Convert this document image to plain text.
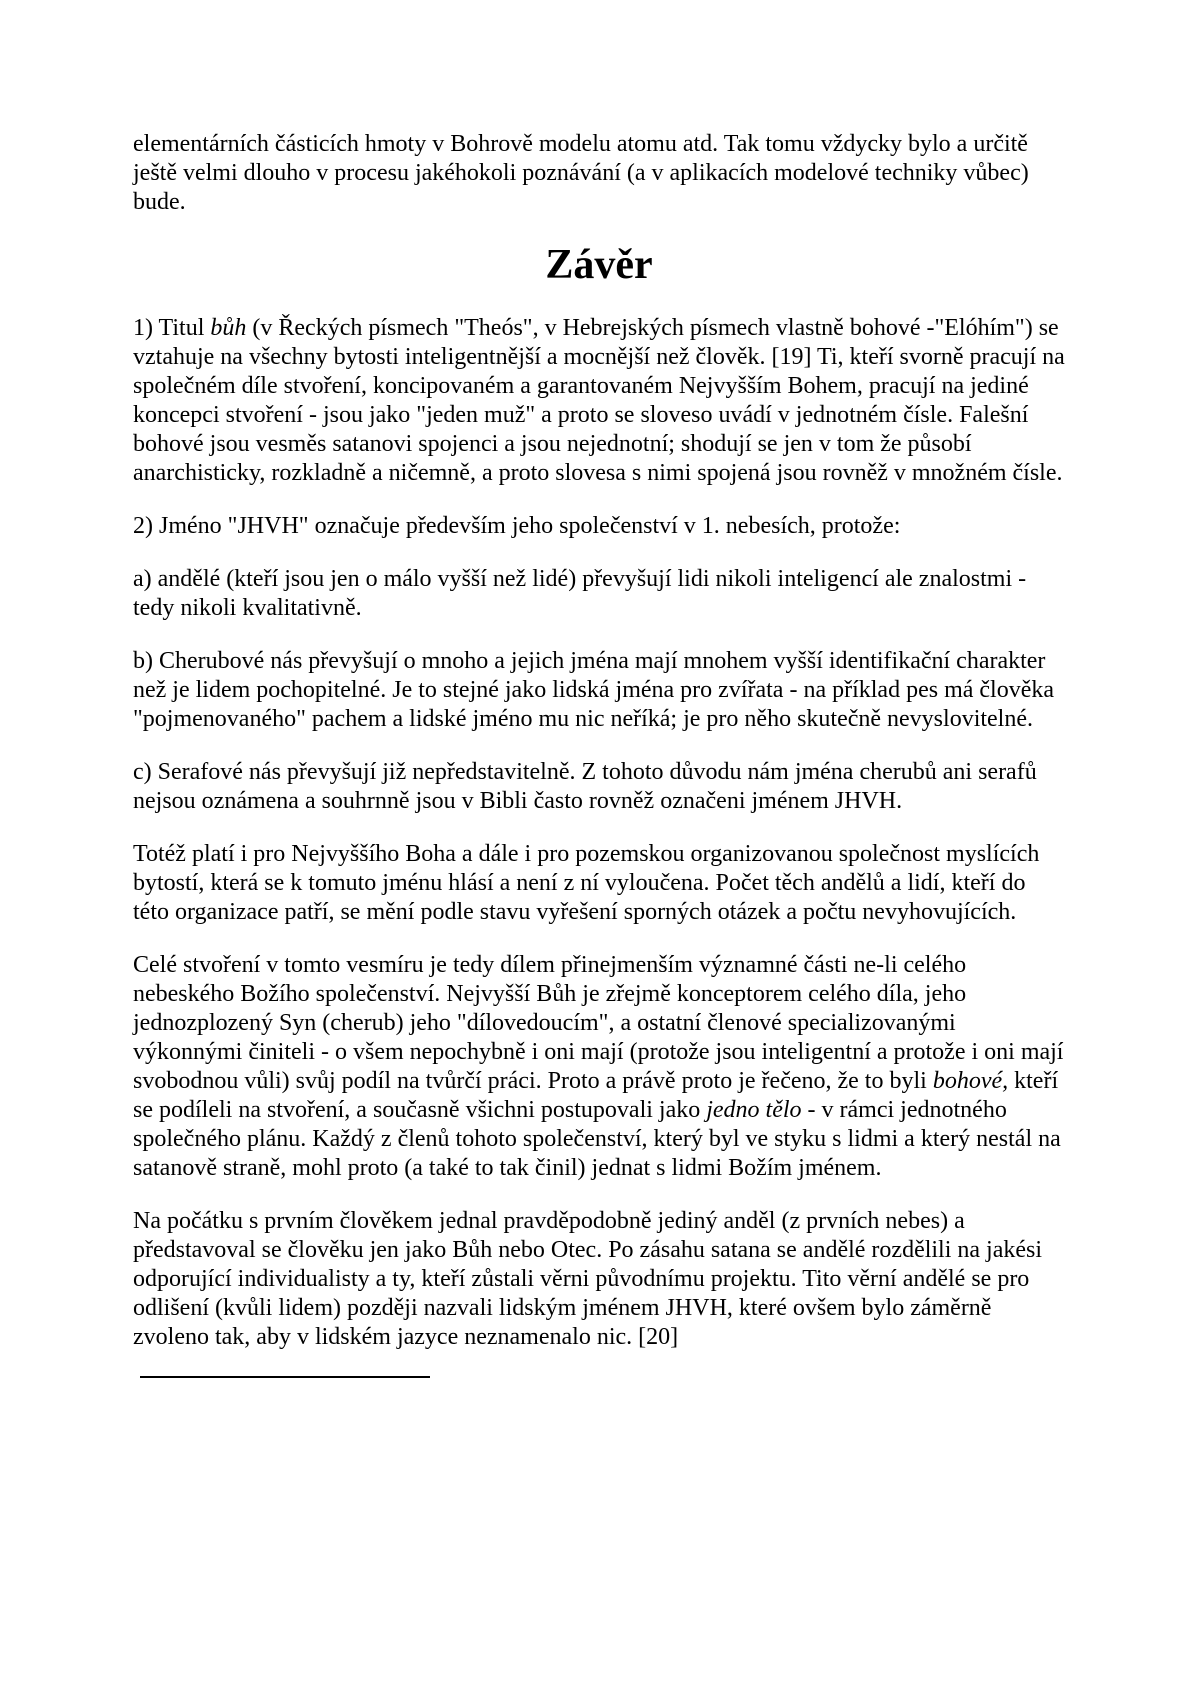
elementárních částicích hmoty v Bohrově modelu atomu atd. Tak tomu vždycky bylo a určitě ještě velmi dlouho v procesu jakéhokoli poznávání (a v aplikacích modelové techniky vůbec) bude.

Závěr

1) Titul bůh (v Řeckých písmech "Theós", v Hebrejských písmech vlastně bohové -"Elóhím") se vztahuje na všechny bytosti inteligentnější a mocnější než člověk. [19] Ti, kteří svorně pracují na společném díle stvoření, koncipovaném a garantovaném Nejvyšším Bohem, pracují na jediné koncepci stvoření - jsou jako "jeden muž" a proto se sloveso uvádí v jednotném čísle. Falešní bohové jsou vesměs satanovi spojenci a jsou nejednotní; shodují se jen v tom že působí anarchisticky, rozkladně a ničemně, a proto slovesa s nimi spojená jsou rovněž v množném čísle.

2) Jméno "JHVH" označuje především jeho společenství v 1. nebesích, protože:

a) andělé (kteří jsou jen o málo vyšší než lidé) převyšují lidi nikoli inteligencí ale znalostmi - tedy nikoli kvalitativně.

b) Cherubové nás převyšují o mnoho a jejich jména mají mnohem vyšší identifikační charakter než je lidem pochopitelné. Je to stejné jako lidská jména pro zvířata - na příklad pes má člověka "pojmenovaného" pachem a lidské jméno mu nic neříká; je pro něho skutečně nevyslovitelné.

c) Serafové nás převyšují již nepředstavitelně. Z tohoto důvodu nám jména cherubů ani serafů nejsou oznámena a souhrnně jsou v Bibli často rovněž označeni jménem JHVH.

Totéž platí i pro Nejvyššího Boha a dále i pro pozemskou organizovanou společnost myslících bytostí, která se k tomuto jménu hlásí a není z ní vyloučena. Počet těch andělů a lidí, kteří do této organizace patří, se mění podle stavu vyřešení sporných otázek a počtu nevyhovujících.

Celé stvoření v tomto vesmíru je tedy dílem přinejmenším významné části ne-li celého nebeského Božího společenství. Nejvyšší Bůh je zřejmě konceptorem celého díla, jeho jednozplozený Syn (cherub) jeho "dílovedoucím", a ostatní členové specializovanými výkonnými činiteli - o všem nepochybně i oni mají (protože jsou inteligentní a protože i oni mají svobodnou vůli) svůj podíl na tvůrčí práci. Proto a právě proto je řečeno, že to byli bohové, kteří se podíleli na stvoření, a současně všichni postupovali jako jedno tělo - v rámci jednotného společného plánu. Každý z členů tohoto společenství, který byl ve styku s lidmi a který nestál na satanově straně, mohl proto (a také to tak činil) jednat s lidmi Božím jménem.

Na počátku s prvním člověkem jednal pravděpodobně jediný anděl (z prvních nebes) a představoval se člověku jen jako Bůh nebo Otec. Po zásahu satana se andělé rozdělili na jakési odporující individualisty a ty, kteří zůstali věrni původnímu projektu. Tito věrní andělé se pro odlišení (kvůli lidem) později nazvali lidským jménem JHVH, které ovšem bylo záměrně zvoleno tak, aby v lidském jazyce neznamenalo nic. [20]
